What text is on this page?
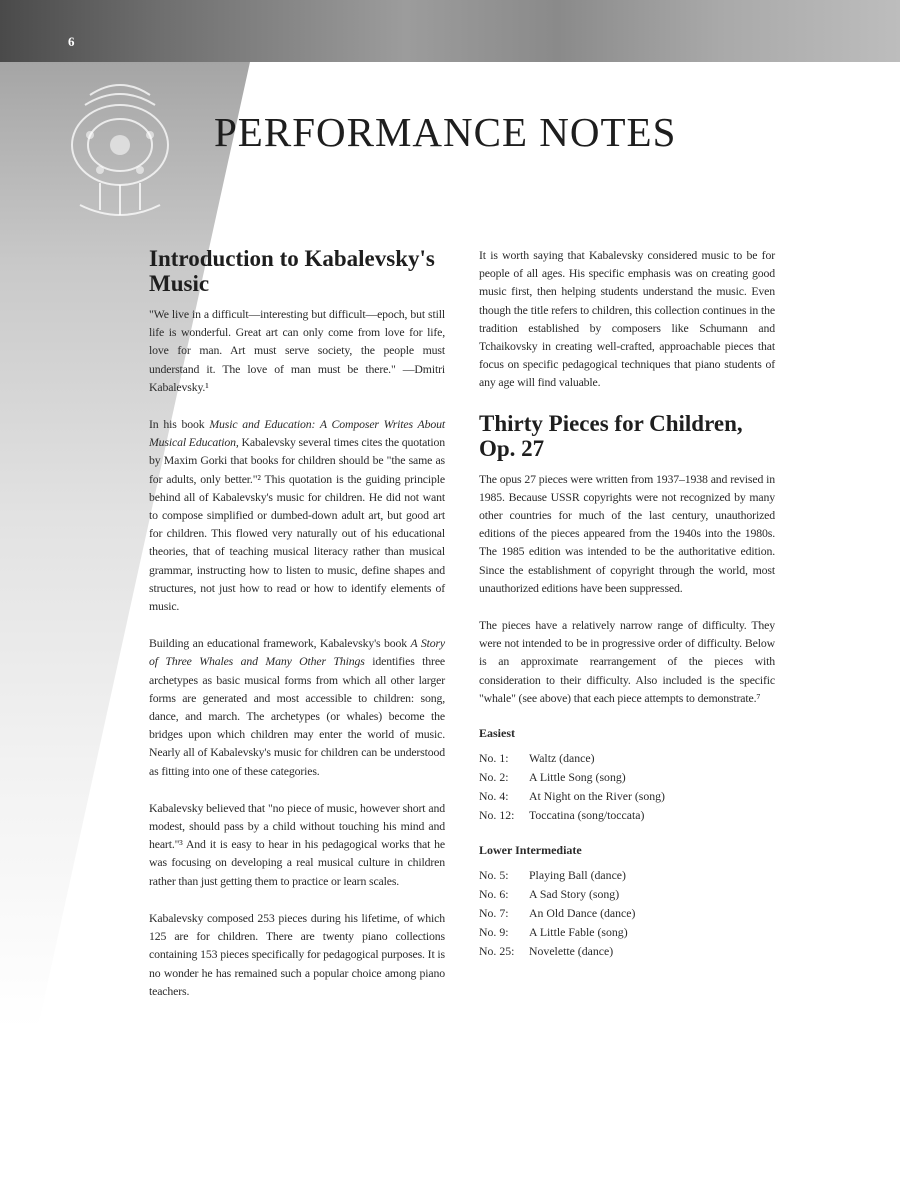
6
PERFORMANCE NOTES
Introduction to Kabalevsky's Music

"We live in a difficult—interesting but difficult—epoch, but still life is wonderful. Great art can only come from love for life, love for man. Art must serve society, the people must understand it. The love of man must be there." —Dmitri Kabalevsky.¹

In his book Music and Education: A Composer Writes About Musical Education, Kabalevsky several times cites the quotation by Maxim Gorki that books for children should be "the same as for adults, only better."² This quotation is the guiding principle behind all of Kabalevsky's music for children. He did not want to compose simplified or dumbed-down adult art, but good art for children. This flowed very naturally out of his educational theories, that of teaching musical literacy rather than musical grammar, instructing how to listen to music, define shapes and structures, not just how to read or how to identify elements of music.

Building an educational framework, Kabalevsky's book A Story of Three Whales and Many Other Things identifies three archetypes as basic musical forms from which all other larger forms are generated and most accessible to children: song, dance, and march. The archetypes (or whales) become the bridges upon which children may enter the world of music. Nearly all of Kabalevsky's music for children can be understood as fitting into one of these categories.

Kabalevsky believed that "no piece of music, however short and modest, should pass by a child without touching his mind and heart."³ And it is easy to hear in his pedagogical works that he was focusing on developing a real musical culture in children rather than just getting them to practice or learn scales.

Kabalevsky composed 253 pieces during his lifetime, of which 125 are for children. There are twenty piano collections containing 153 pieces specifically for pedagogical purposes. It is no wonder he has remained such a popular choice among piano teachers.

It is worth saying that Kabalevsky considered music to be for people of all ages. His specific emphasis was on creating good music first, then helping students understand the music. Even though the title refers to children, this collection continues in the tradition established by composers like Schumann and Tchaikovsky in creating well-crafted, approachable pieces that focus on specific pedagogical techniques that piano students of any age will find valuable.

Thirty Pieces for Children, Op. 27

The opus 27 pieces were written from 1937–1938 and revised in 1985. Because USSR copyrights were not recognized by many other countries for much of the last century, unauthorized editions of the pieces appeared from the 1940s into the 1980s. The 1985 edition was intended to be the authoritative edition. Since the establishment of copyright through the world, most unauthorized editions have been suppressed.

The pieces have a relatively narrow range of difficulty. They were not intended to be in progressive order of difficulty. Below is an approximate rearrangement of the pieces with consideration to their difficulty. Also included is the specific "whale" (see above) that each piece attempts to demonstrate.⁷

Easiest
No. 1: Waltz (dance)
No. 2: A Little Song (song)
No. 4: At Night on the River (song)
No. 12: Toccatina (song/toccata)
Lower Intermediate
No. 5: Playing Ball (dance)
No. 6: A Sad Story (song)
No. 7: An Old Dance (dance)
No. 9: A Little Fable (song)
No. 25: Novelette (dance)
